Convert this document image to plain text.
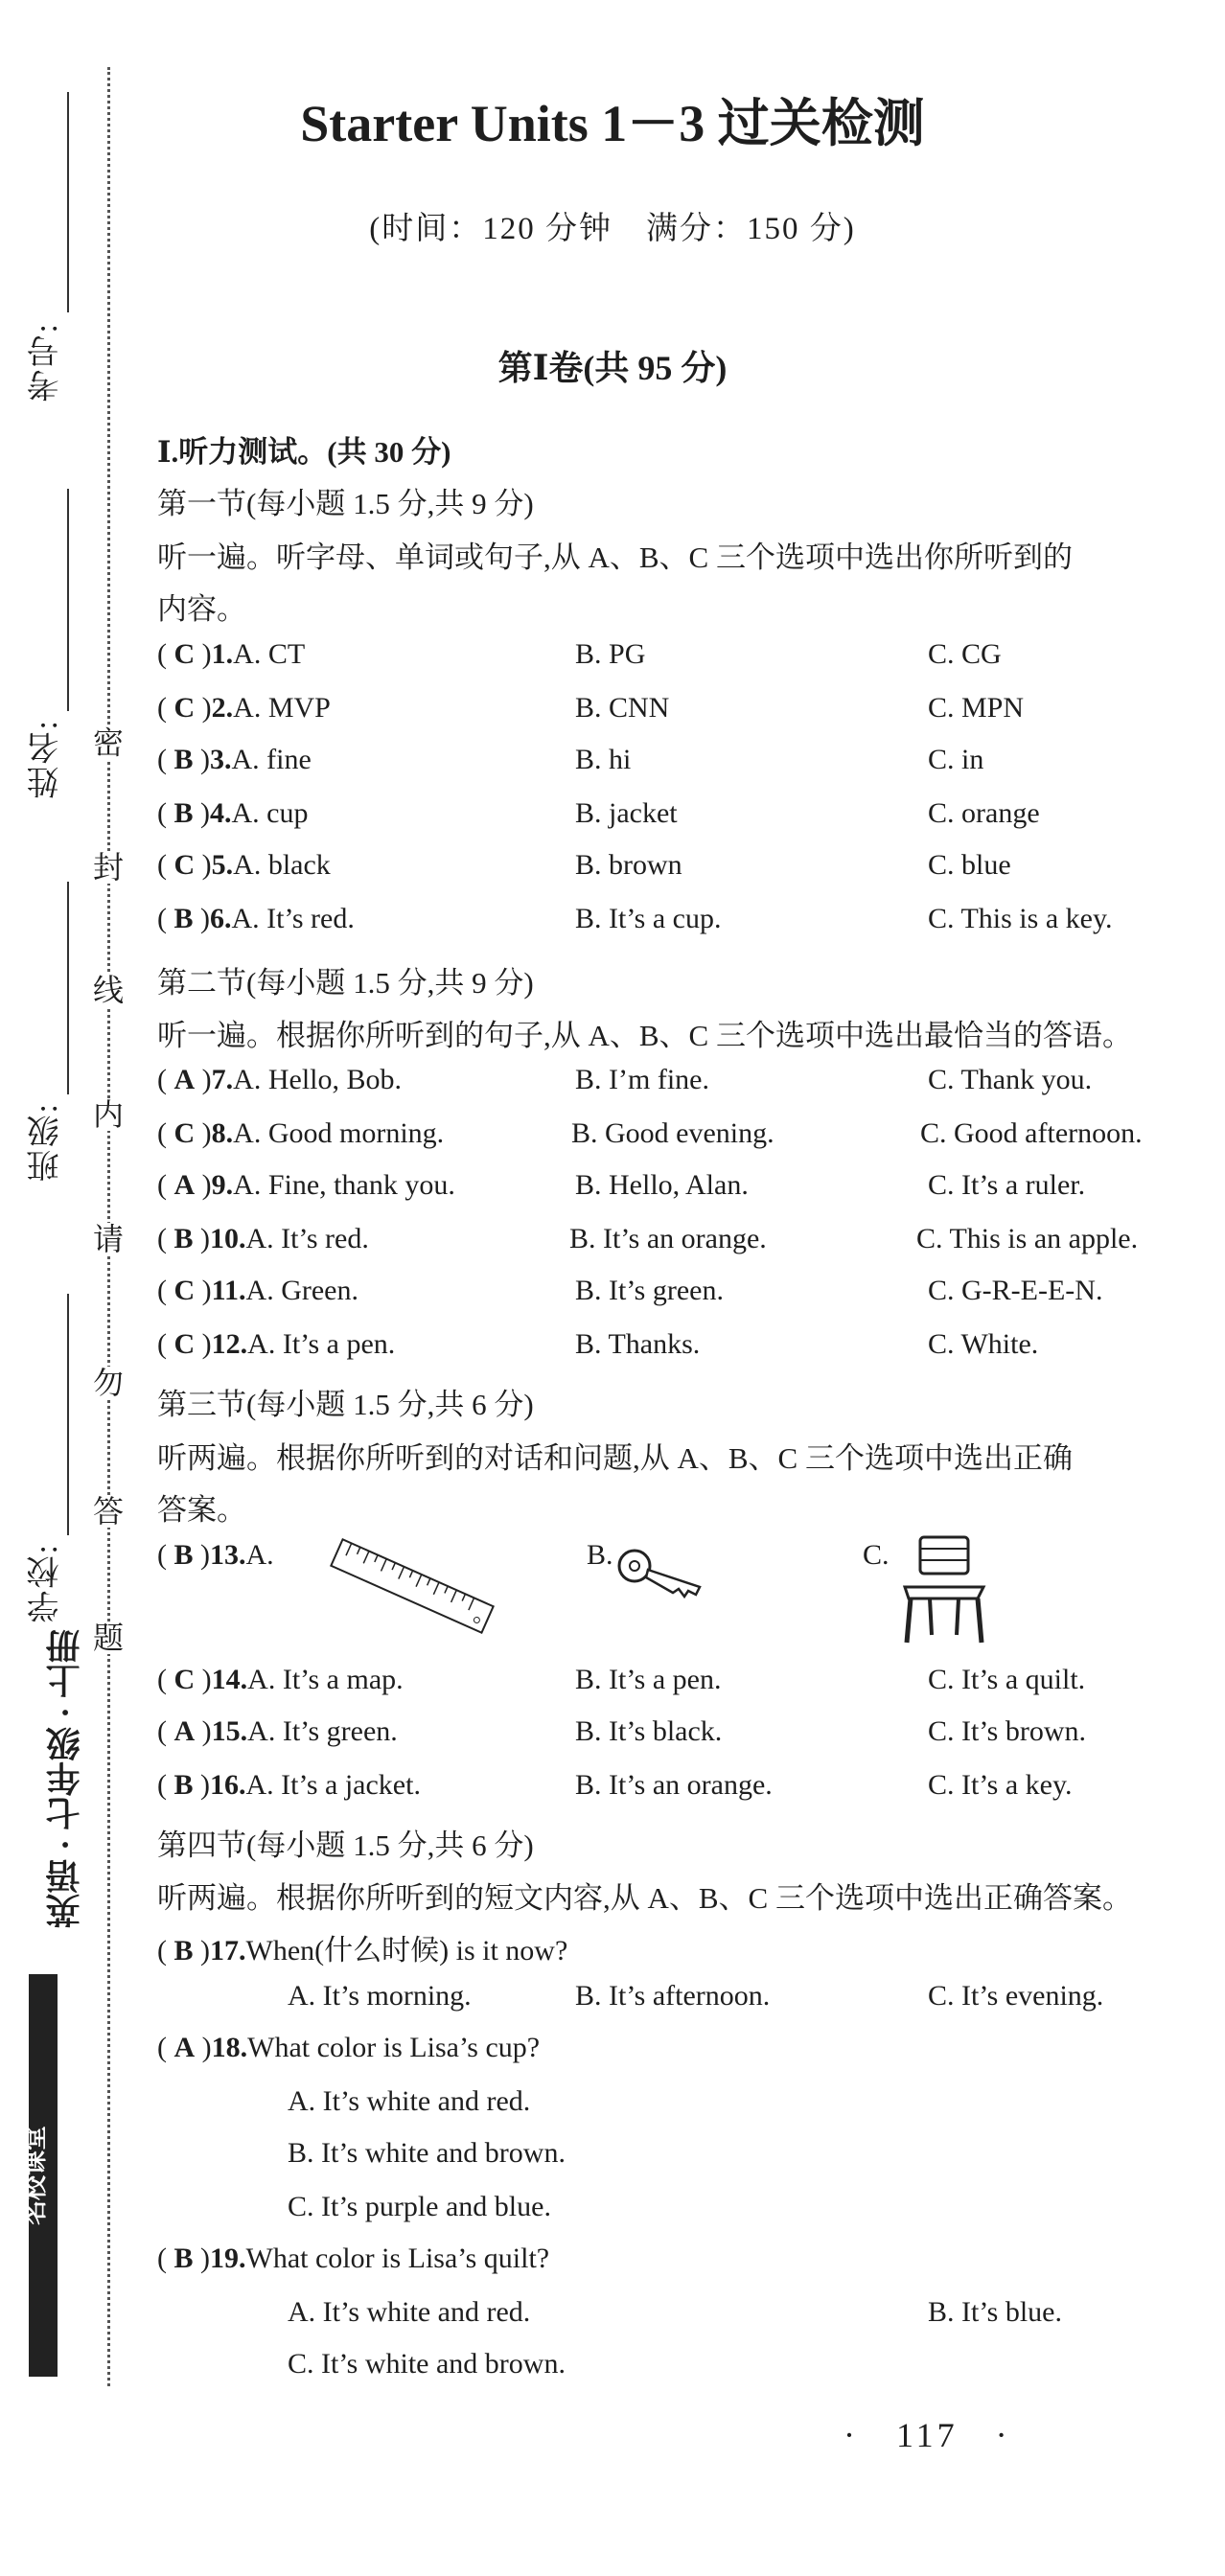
考号:
姓名:
班级:
学校:
密
封
线
内
请
勿
答
题
英语 · 七年级 · 上册
名校课堂
Starter Units 1－3 过关检测
(时间：120 分钟　满分：150 分)
第Ⅰ卷(共 95 分)
Ⅰ.听力测试。(共 30 分)
第一节(每小题 1.5 分,共 9 分)
听一遍。听字母、单词或句子,从 A、B、C 三个选项中选出你所听到的
内容。
第二节(每小题 1.5 分,共 9 分)
听一遍。根据你所听到的句子,从 A、B、C 三个选项中选出最恰当的答语。
第三节(每小题 1.5 分,共 6 分)
听两遍。根据你所听到的对话和问题,从 A、B、C 三个选项中选出正确
答案。
第四节(每小题 1.5 分,共 6 分)
听两遍。根据你所听到的短文内容,从 A、B、C 三个选项中选出正确答案。
( C )1.A. CT	B. PG	C. CG
( C )2.A. MVP	B. CNN	C. MPN
( B )3.A. fine	B. hi	C. in
( B )4.A. cup	B. jacket	C. orange
( C )5.A. black	B. brown	C. blue
( B )6.A. It’s red.	B. It’s a cup.	C. This is a key.
( A )7.A. Hello, Bob.	B. I’m fine.	C. Thank you.
( C )8.A. Good morning.	B. Good evening.	C. Good afternoon.
( A )9.A. Fine, thank you.	B. Hello, Alan.	C. It’s a ruler.
( B )10.A. It’s red.	B. It’s an orange.	C. This is an apple.
( C )11.A. Green.	B. It’s green.	C. G-R-E-E-N.
( C )12.A. It’s a pen.	B. Thanks.	C. White.
( B )13.A.	B.	C.
( C )14.A. It’s a map.	B. It’s a pen.	C. It’s a quilt.
( A )15.A. It’s green.	B. It’s black.	C. It’s brown.
( B )16.A. It’s a jacket.	B. It’s an orange.	C. It’s a key.
( B )17.When(什么时候) is it now?
A. It’s morning.	B. It’s afternoon.	C. It’s evening.
( A )18.What color is Lisa’s cup?
A. It’s white and red.
B. It’s white and brown.
C. It’s purple and blue.
( B )19.What color is Lisa’s quilt?
A. It’s white and red.	B. It’s blue.
C. It’s white and brown.
· 117 ·
